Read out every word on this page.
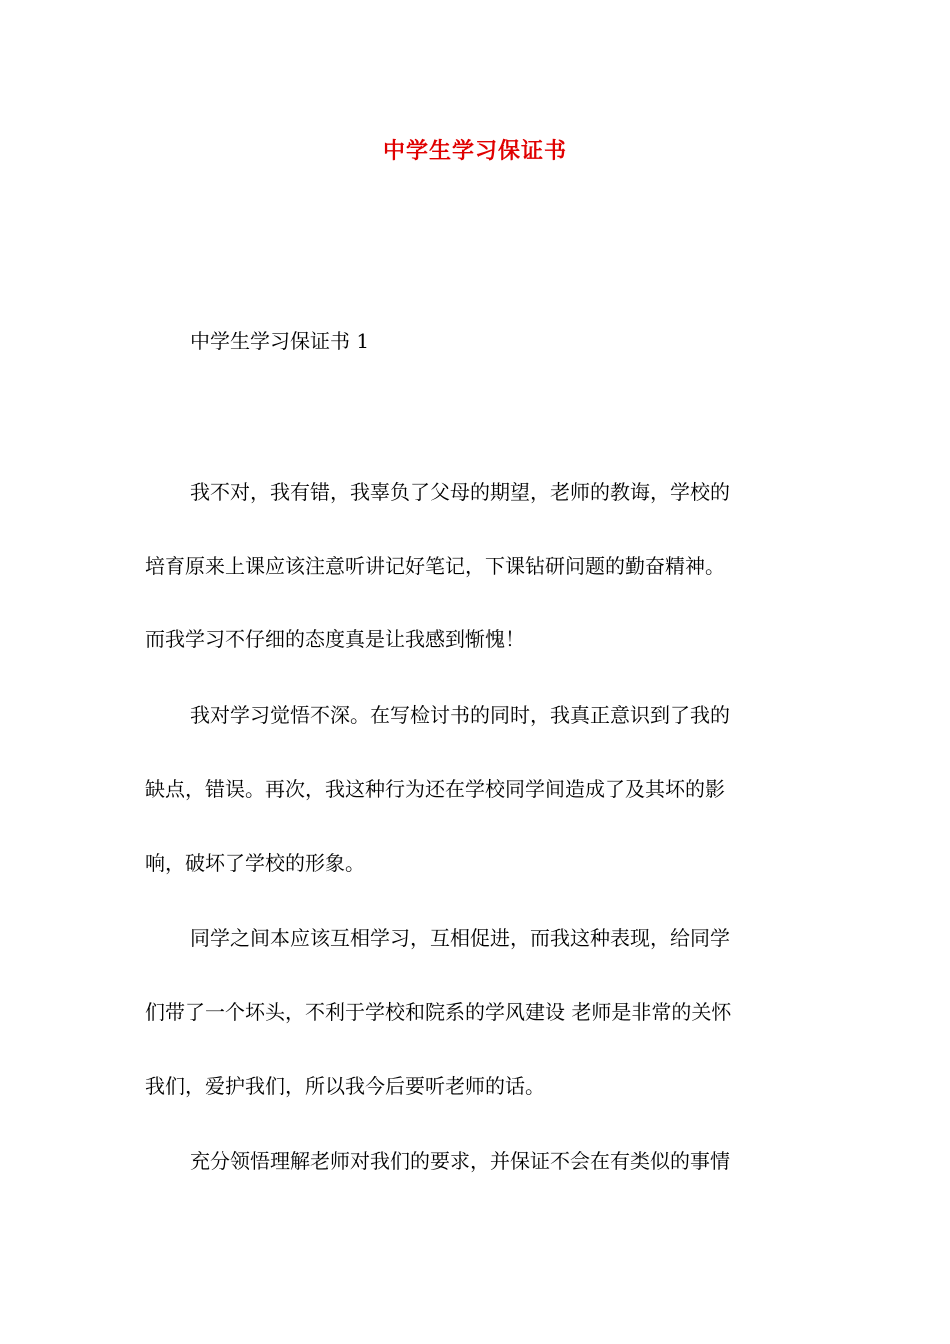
中学生学习保证书

中学生学习保证书 1

我不对，我有错，我辜负了父母的期望，老师的教诲，学校的

培育原来上课应该注意听讲记好笔记，下课钻研问题的勤奋精神。

而我学习不仔细的态度真是让我感到惭愧！

我对学习觉悟不深。在写检讨书的同时，我真正意识到了我的

缺点，错误。再次，我这种行为还在学校同学间造成了及其坏的影

响，破坏了学校的形象。

同学之间本应该互相学习，互相促进，而我这种表现，给同学

们带了一个坏头，不利于学校和院系的学风建设 老师是非常的关怀

我们，爱护我们，所以我今后要听老师的话。

充分领悟理解老师对我们的要求，并保证不会在有类似的事情
